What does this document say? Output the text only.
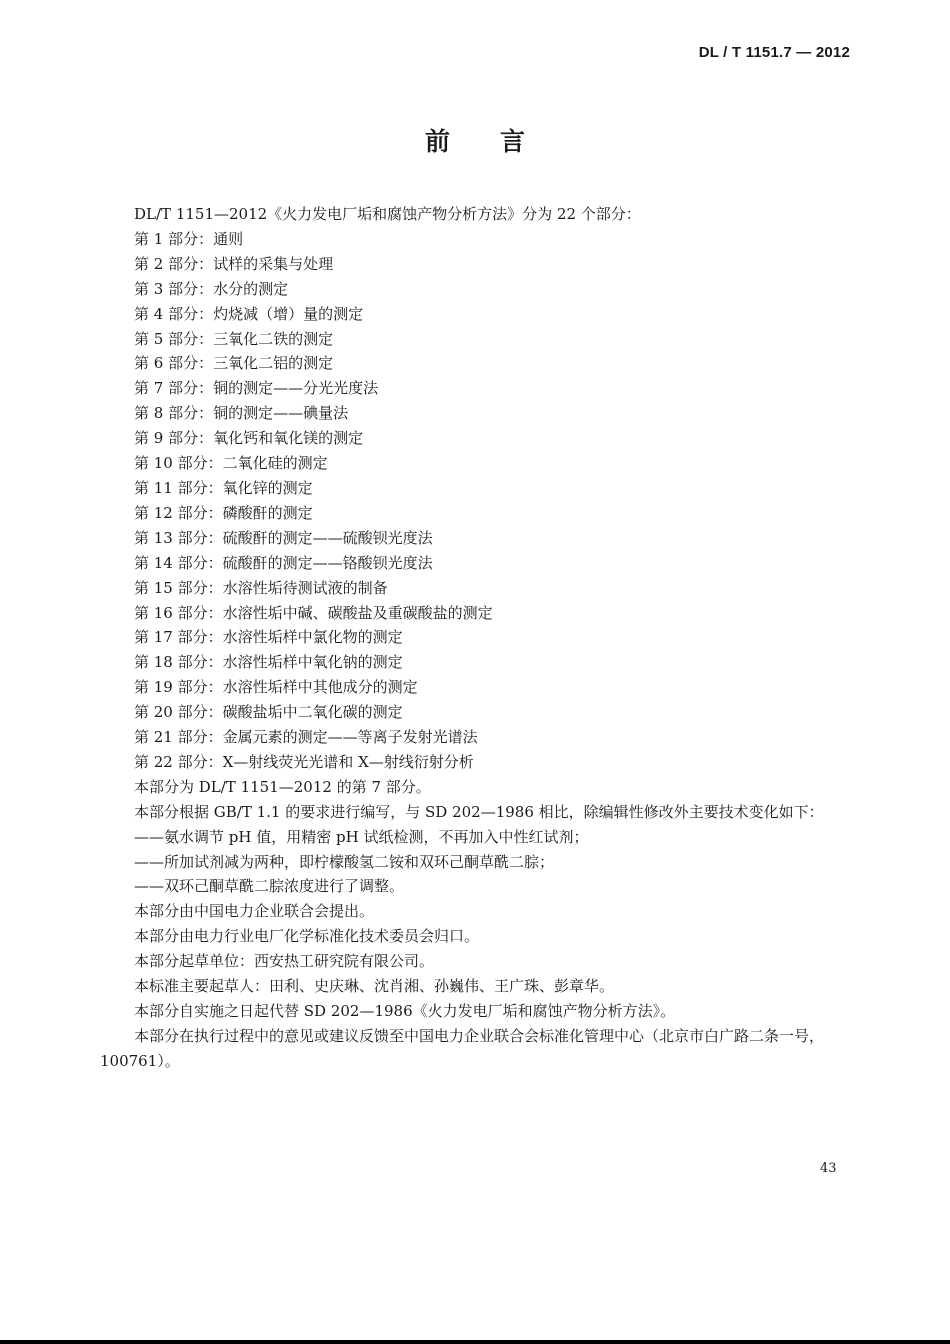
DL / T 1151.7 — 2012
前言

DL/T 1151—2012《火力发电厂垢和腐蚀产物分析方法》分为 22 个部分：

第 1 部分：通则

第 2 部分：试样的采集与处理

第 3 部分：水分的测定

第 4 部分：灼烧减（增）量的测定

第 5 部分：三氧化二铁的测定

第 6 部分：三氧化二铝的测定

第 7 部分：铜的测定——分光光度法

第 8 部分：铜的测定——碘量法

第 9 部分：氧化钙和氧化镁的测定

第 10 部分：二氧化硅的测定

第 11 部分：氧化锌的测定

第 12 部分：磷酸酐的测定

第 13 部分：硫酸酐的测定——硫酸钡光度法

第 14 部分：硫酸酐的测定——铬酸钡光度法

第 15 部分：水溶性垢待测试液的制备

第 16 部分：水溶性垢中碱、碳酸盐及重碳酸盐的测定

第 17 部分：水溶性垢样中氯化物的测定

第 18 部分：水溶性垢样中氧化钠的测定

第 19 部分：水溶性垢样中其他成分的测定

第 20 部分：碳酸盐垢中二氧化碳的测定

第 21 部分：金属元素的测定——等离子发射光谱法

第 22 部分：X—射线荧光光谱和 X—射线衍射分析

本部分为 DL/T 1151—2012 的第 7 部分。

本部分根据 GB/T 1.1 的要求进行编写，与 SD 202—1986 相比，除编辑性修改外主要技术变化如下：

——氨水调节 pH 值，用精密 pH 试纸检测，不再加入中性红试剂；

——所加试剂减为两种，即柠檬酸氢二铵和双环己酮草酰二腙；

——双环己酮草酰二腙浓度进行了调整。

本部分由中国电力企业联合会提出。

本部分由电力行业电厂化学标准化技术委员会归口。

本部分起草单位：西安热工研究院有限公司。

本标准主要起草人：田利、史庆琳、沈肖湘、孙巍伟、王广珠、彭章华。

本部分自实施之日起代替 SD 202—1986《火力发电厂垢和腐蚀产物分析方法》。

本部分在执行过程中的意见或建议反馈至中国电力企业联合会标准化管理中心（北京市白广路二条一号，100761）。

43
